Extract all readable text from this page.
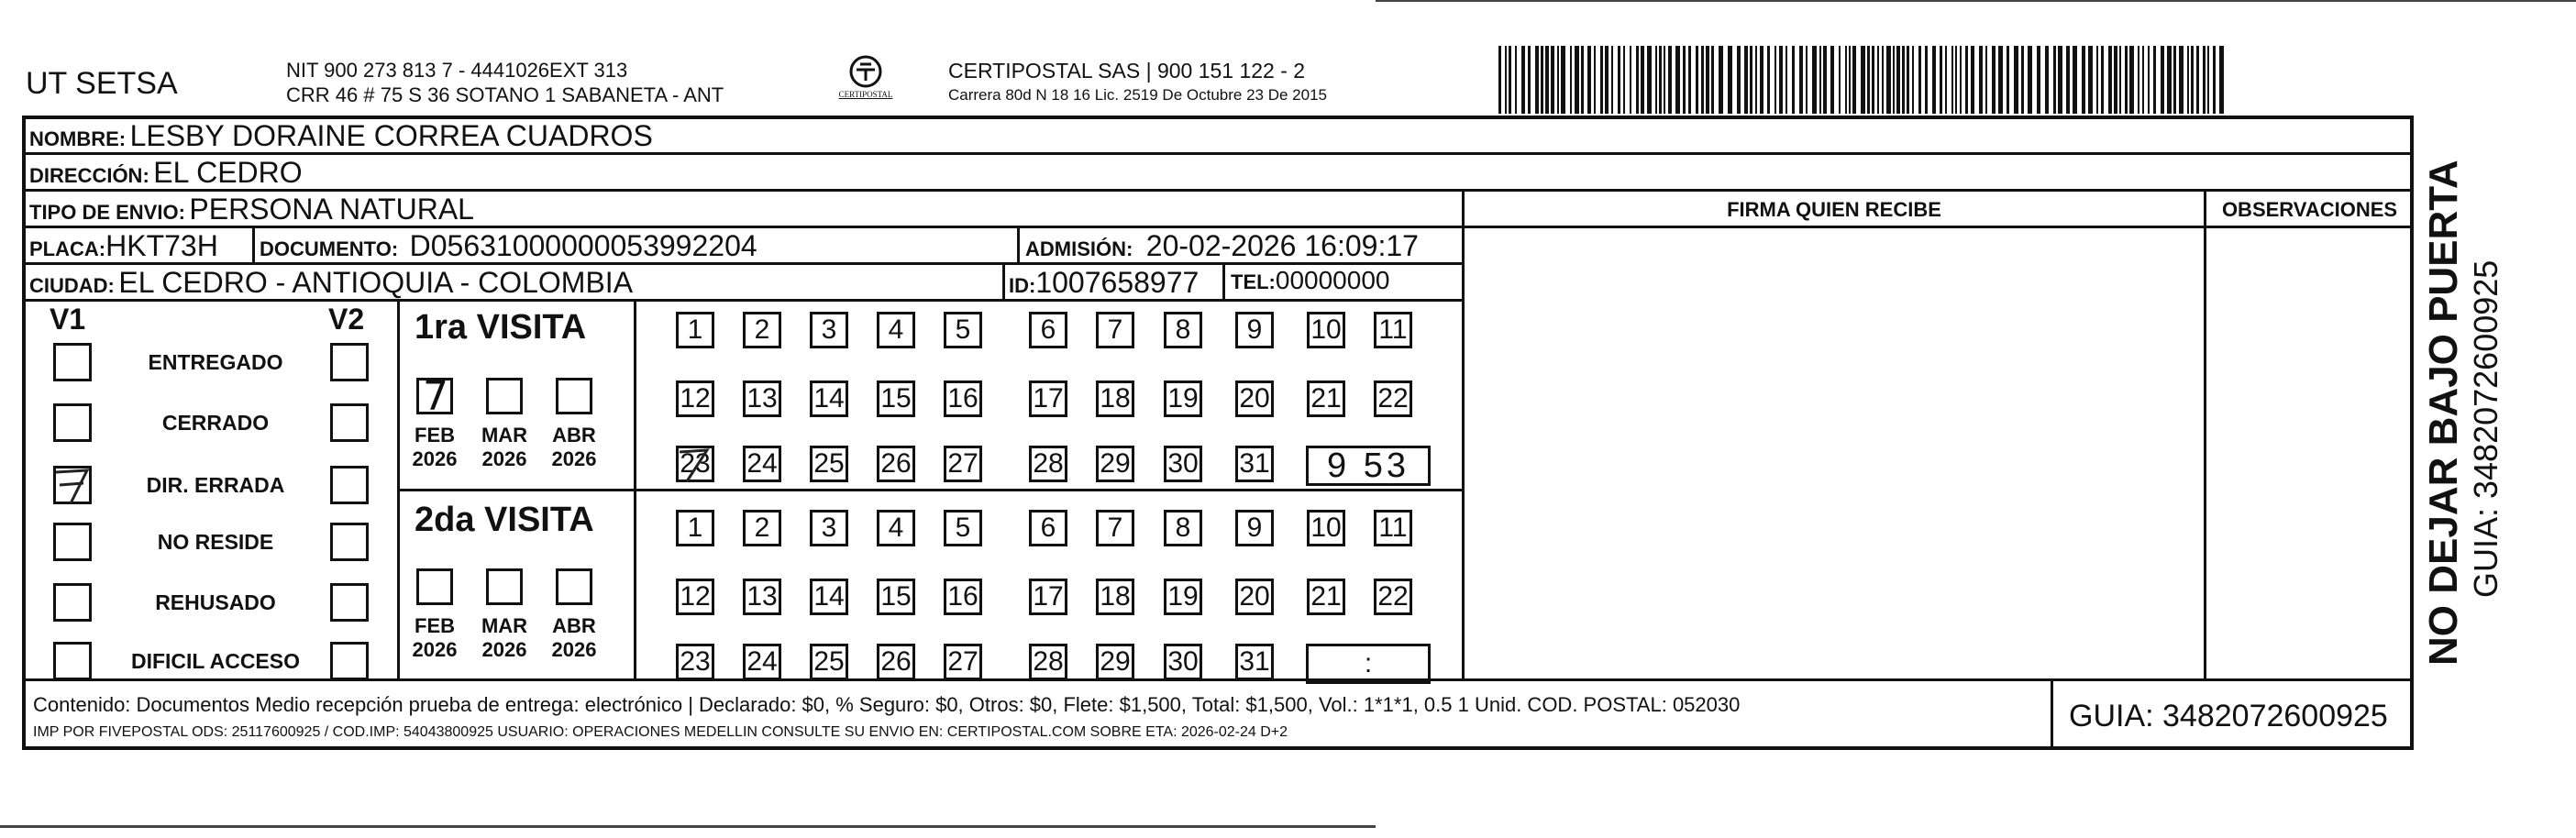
UT SETSA	NIT 900 273 813 7 - 4441026EXT 313
CRR 46 # 75 S 36 SOTANO 1 SABANETA - ANT	CERTIPOSTAL
CERTIPOSTAL SAS | 900 151 122 - 2
Carrera 80d N 18 16 Lic. 2519 De Octubre 23 De 2015
NOMBRE: LESBY DORAINE CORREA CUADROS
DIRECCIÓN: EL CEDRO
TIPO DE ENVIO: PERSONA NATURAL	FIRMA QUIEN RECIBE	OBSERVACIONES
PLACA:HKT73H DOCUMENTO: D05631000000053992204	ADMISIÓN: 20-02-2026 16:09:17
CIUDAD: EL CEDRO - ANTIOQUIA - COLOMBIA	ID:1007658977 TEL:00000000
V1	V2
ENTREGADO
CERRADO
DIR. ERRADA
NO RESIDE
REHUSADO
DIFICIL ACCESO
1ra VISITA
2da VISITA
7
FEB
2026
MAR
2026
ABR
2026
1	2	3	4	5	6	7	8	9	10 11
12 13 14 15 16 17 18 19 20 21 22
23 24 25 26 27 28 29 30 31	9 53
FEB
2026
MAR
2026
ABR
2026
1	2	3	4	5	6	7	8	9	10 11
12 13 14 15 16 17 18 19 20 21 22
23 24 25 26 27 28 29 30 31	:
Contenido: Documentos Medio recepción prueba de entrega: electrónico | Declarado: $0, % Seguro: $0, Otros: $0, Flete: $1,500, Total: $1,500, Vol.: 1*1*1, 0.5 1 Unid. COD. POSTAL: 052030
IMP POR FIVEPOSTAL ODS: 25117600925 / COD.IMP: 54043800925 USUARIO: OPERACIONES MEDELLIN CONSULTE SU ENVIO EN: CERTIPOSTAL.COM SOBRE ETA: 2026-02-24 D+2	GUIA: 3482072600925
NO DEJAR BAJO PUERTA GUIA: 3482072600925
